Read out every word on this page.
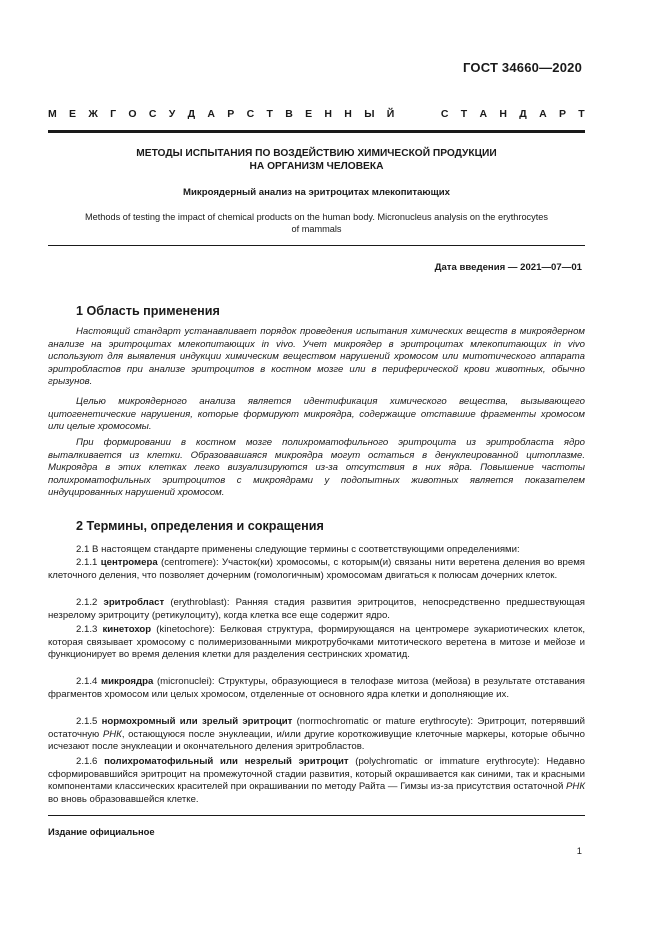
ГОСТ 34660—2020
М Е Ж Г О С У Д А Р С Т В Е Н Н Ы Й	С Т А Н Д А Р Т
МЕТОДЫ ИСПЫТАНИЯ ПО ВОЗДЕЙСТВИЮ ХИМИЧЕСКОЙ ПРОДУКЦИИ
НА ОРГАНИЗМ ЧЕЛОВЕКА
Микроядерный анализ на эритроцитах млекопитающих
Methods of testing the impact of chemical products on the human body. Micronucleus analysis on the erythrocytes
of mammals
Дата введения — 2021—07—01
1 Область применения

Настоящий стандарт устанавливает порядок проведения испытания химических веществ в микроядерном анализе на эритроцитах млекопитающих in vivo. Учет микроядер в эритроцитах млекопитающих in vivo используют для выявления индукции химическим веществом нарушений хромосом или митотического аппарата эритробластов при анализе эритроцитов в костном мозге или в периферической крови животных, обычно грызунов.

Целью микроядерного анализа является идентификация химического вещества, вызывающего цитогенетические нарушения, которые формируют микроядра, содержащие отставшие фрагменты хромосом или целые хромосомы.

При формировании в костном мозге полихроматофильного эритроцита из эритробласта ядро выталкивается из клетки. Образовавшаяся микроядра могут остаться в денуклеированной цитоплазме. Микроядра в этих клетках легко визуализируются из-за отсутствия в них ядра. Повышение частоты полихроматофильных эритроцитов с микроядрами у подопытных животных является показателем индуцированных нарушений хромосом.

2 Термины, определения и сокращения

2.1 В настоящем стандарте применены следующие термины с соответствующими определениями:

2.1.1 центромера (centromere): Участок(ки) хромосомы, с которым(и) связаны нити веретена деления во время клеточного деления, что позволяет дочерним (гомологичным) хромосомам двигаться к полюсам дочерних клеток.

2.1.2 эритробласт (erythroblast): Ранняя стадия развития эритроцитов, непосредственно предшествующая незрелому эритроциту (ретикулоциту), когда клетка все еще содержит ядро.

2.1.3 кинетохор (kinetochore): Белковая структура, формирующаяся на центромере эукариотических клеток, которая связывает хромосому с полимеризованными микротрубочками митотического веретена в митозе и мейозе и функционирует во время деления клетки для разделения сестринских хроматид.

2.1.4 микроядра (micronuclei): Структуры, образующиеся в телофазе митоза (мейоза) в результате отставания фрагментов хромосом или целых хромосом, отделенные от основного ядра клетки и дополняющие их.

2.1.5 нормохромный или зрелый эритроцит (normochromatic or mature erythrocyte): Эритроцит, потерявший остаточную РНК, остающуюся после энуклеации, и/или другие короткоживущие клеточные маркеры, которые обычно исчезают после энуклеации и окончательного деления эритробластов.

2.1.6 полихроматофильный или незрелый эритроцит (polychromatic or immature erythrocyte): Недавно сформировавшийся эритроцит на промежуточной стадии развития, который окрашивается как синими, так и красными компонентами классических красителей при окрашивании по методу Райта — Гимзы из-за присутствия остаточной РНК во вновь образовавшейся клетке.

Издание официальное
1
